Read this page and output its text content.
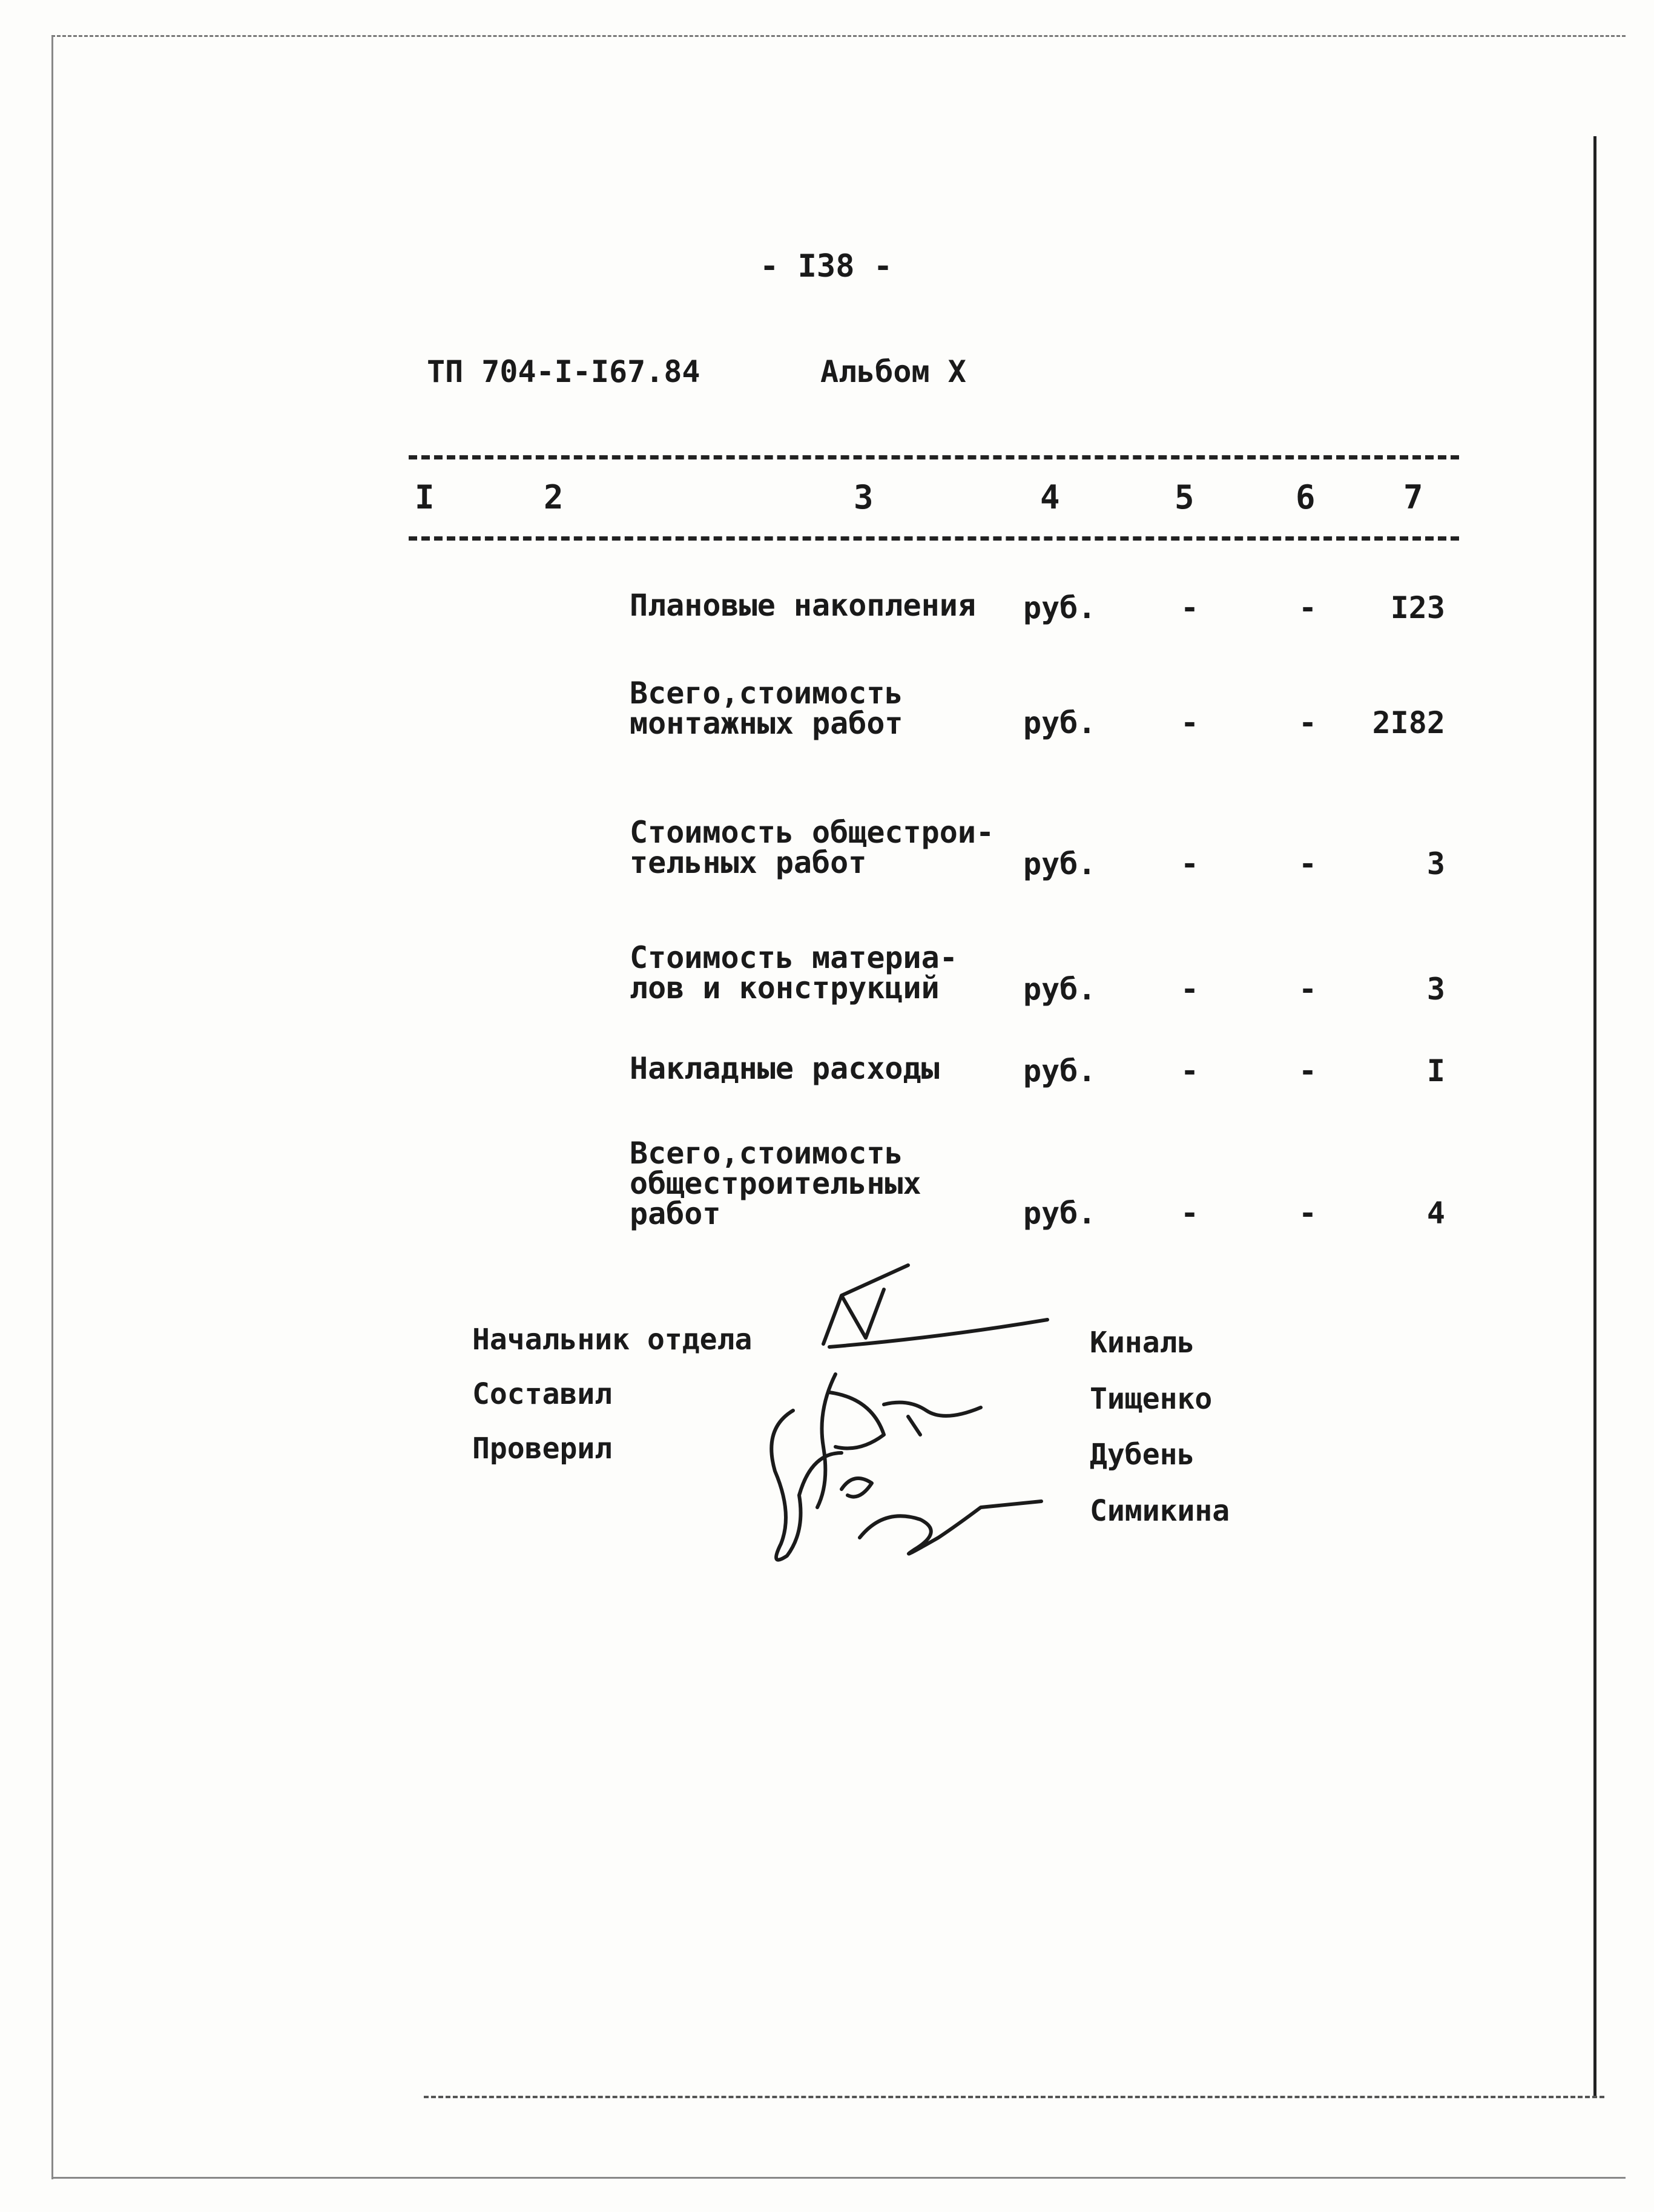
- I38 -
ТП 704-I-I67.84	Альбом X
I	2	3	4	5	6	7
Плановые накопления руб.	-	- I23
Всего,стоимость
монтажных работ	руб.	-	- 2I82
Стоимость общестрои-
тельных работ	руб.	-	-	3
Стоимость материа-
лов и конструкций	руб.	-	-	3
Накладные расходы	руб.	-	-	I
Всего,стоимость
общестроительных
работ	руб.	-	-	4
Начальник отдела
Составил
Проверил
Киналь
Тищенко
Дубень
Симикина
